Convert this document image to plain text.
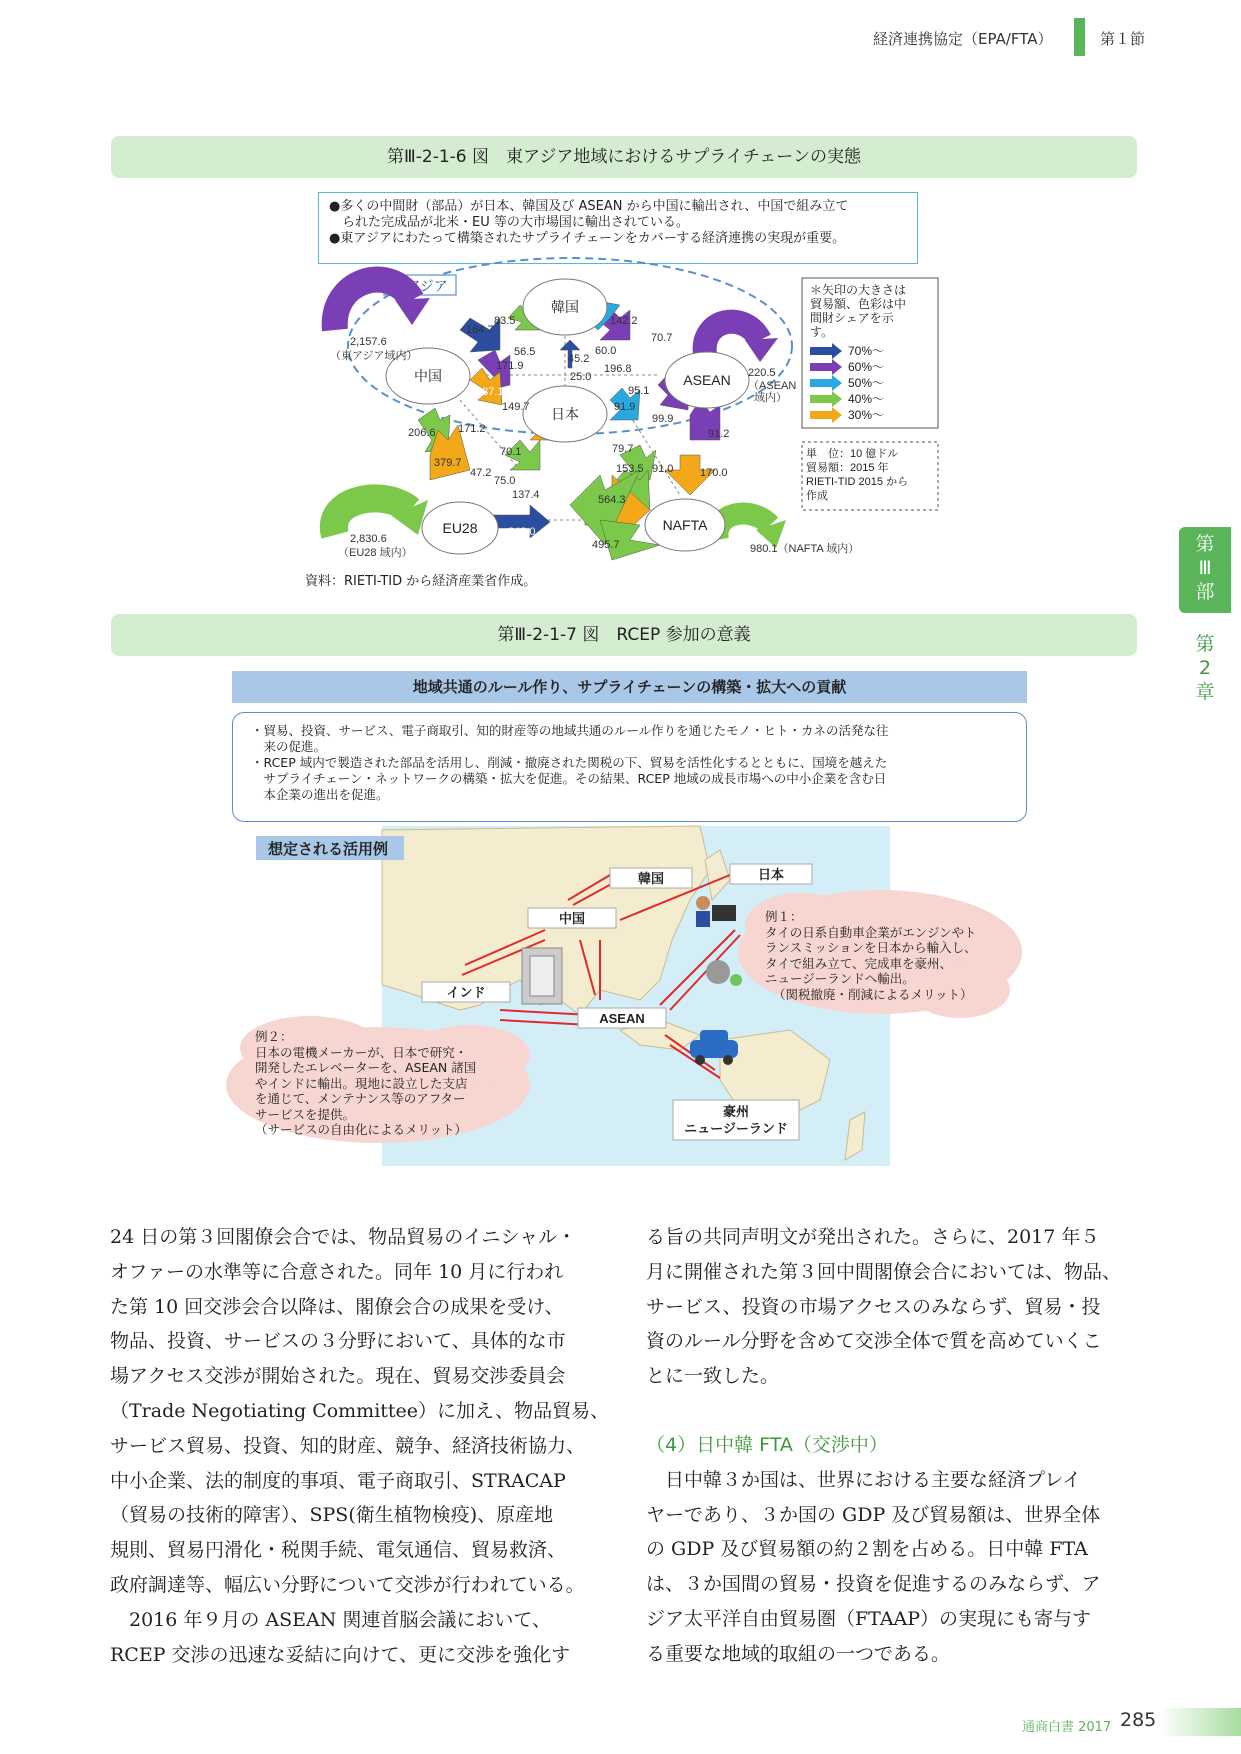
経済連携協定（EPA/FTA）	第１節
第
Ⅲ
部
第
2
章
第Ⅲ-2-1-6 図　東アジア地域におけるサプライチェーンの実態
●多くの中間財（部品）が日本、韓国及び ASEAN から中国に輸出され、中国で組み立て
　られた完成品が北米・EU 等の大市場国に輸出されている。
●東アジアにわたって構築されたサプライチェーンをカバーする経済連携の実現が重要。
東アジア
韓国
中国	ASEAN
日本
EU28	NAFTA
83.5	142.2
164.7
70.7
56.5	60.0
45.2
171.9	196.8
25.0
137.1
149.7
95.1
91.9
99.9
206.6 171.2	91.2
70.1	79.7
379.7
47.2
75.0
153.5 91.0 170.0
137.4	564.3
342.0
495.7
2,157.6
（東アジア域内）
220.5
（ASEAN
域内）
2,830.6
（EU28 域内）	980.1（NAFTA 域内）
＊矢印の大きさは
貿易額、色彩は中
間財シェアを示
す。
70%〜
60%〜
50%〜
40%〜
30%〜
単　位：10 億ドル
貿易額：2015 年
RIETI-TID 2015 から
作成
資料：RIETI-TID から経済産業省作成。
第Ⅲ-2-1-7 図　RCEP 参加の意義
地域共通のルール作り、サプライチェーンの構築・拡大への貢献
・貿易、投資、サービス、電子商取引、知的財産等の地域共通のルール作りを通じたモノ・ヒト・カネの活発な往
　来の促進。
・RCEP 域内で製造された部品を活用し、削減・撤廃された関税の下、貿易を活性化するとともに、国境を越えた
　サプライチェーン・ネットワークの構築・拡大を促進。その結果、RCEP 地域の成長市場への中小企業を含む日
　本企業の進出を促進。
韓国	日本
中国
インド
ASEAN
豪州
ニュージーランド
想定される活用例
例１：
タイの日系自動車企業がエンジンやト
ランスミッションを日本から輸入し、
タイで組み立て、完成車を豪州、
ニュージーランドへ輸出。
（関税撤廃・削減によるメリット）
例２：
日本の電機メーカーが、日本で研究・
開発したエレベーターを、ASEAN 諸国
やインドに輸出。現地に設立した支店
を通じて、メンテナンス等のアフター
サービスを提供。
（サービスの自由化によるメリット）

24 日の第３回閣僚会合では、物品貿易のイニシャル・

オファーの水準等に合意された。同年 10 月に行われ

た第 10 回交渉会合以降は、閣僚会合の成果を受け、

物品、投資、サービスの３分野において、具体的な市

場アクセス交渉が開始された。現在、貿易交渉委員会

（Trade Negotiating Committee）に加え、物品貿易、

サービス貿易、投資、知的財産、競争、経済技術協力、

中小企業、法的制度的事項、電子商取引、STRACAP

（貿易の技術的障害）、SPS(衛生植物検疫)、原産地

規則、貿易円滑化・税関手続、電気通信、貿易救済、

政府調達等、幅広い分野について交渉が行われている。

　2016 年９月の ASEAN 関連首脳会議において、

RCEP 交渉の迅速な妥結に向けて、更に交渉を強化す

る旨の共同声明文が発出された。さらに、2017 年５

月に開催された第３回中間閣僚会合においては、物品、

サービス、投資の市場アクセスのみならず、貿易・投

資のルール分野を含めて交渉全体で質を高めていくこ

とに一致した。

（4）日中韓 FTA（交渉中）

　日中韓３か国は、世界における主要な経済プレイ

ヤーであり、３か国の GDP 及び貿易額は、世界全体

の GDP 及び貿易額の約２割を占める。日中韓 FTA

は、３か国間の貿易・投資を促進するのみならず、ア

ジア太平洋自由貿易圏（FTAAP）の実現にも寄与す

る重要な地域的取組の一つである。

通商白書 2017 285
